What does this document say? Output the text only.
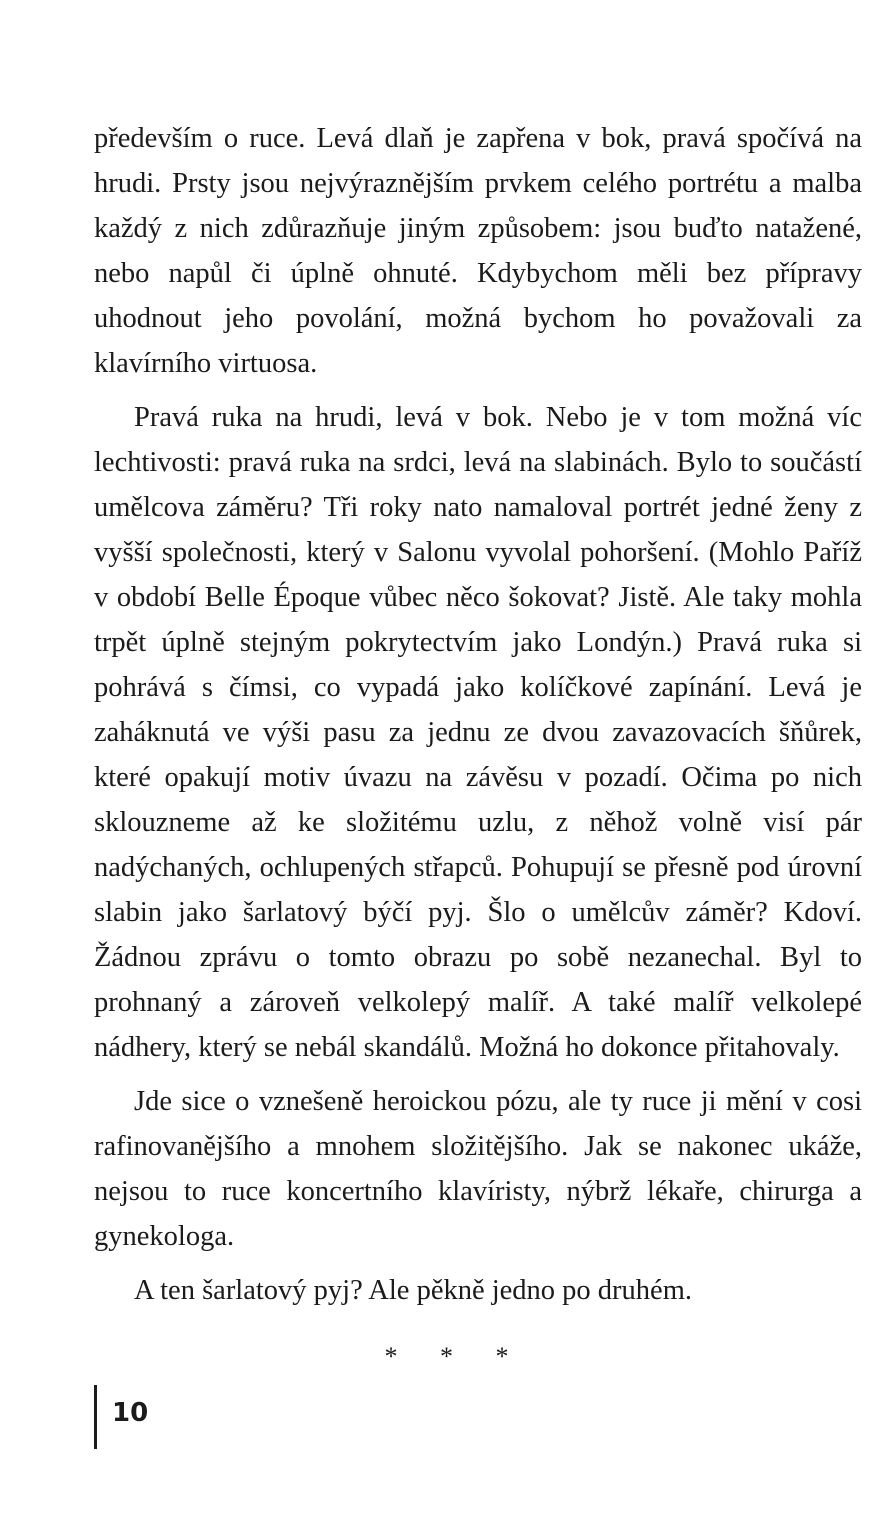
především o ruce. Levá dlaň je zapřena v bok, pravá spočívá na hrudi. Prsty jsou nejvýraznějším prvkem celého portrétu a malba každý z nich zdůrazňuje jiným způsobem: jsou buďto natažené, nebo napůl či úplně ohnuté. Kdybychom měli bez přípravy uhodnout jeho povolání, možná bychom ho považovali za klavírního virtuosa.

Pravá ruka na hrudi, levá v bok. Nebo je v tom možná víc lechtivosti: pravá ruka na srdci, levá na slabinách. Bylo to součástí umělcova záměru? Tři roky nato namaloval portrét jedné ženy z vyšší společnosti, který v Salonu vyvolal pohoršení. (Mohlo Paříž v období Belle Époque vůbec něco šokovat? Jistě. Ale taky mohla trpět úplně stejným pokrytectvím jako Londýn.) Pravá ruka si pohrává s čímsi, co vypadá jako kolíčkové zapínání. Levá je zaháknutá ve výši pasu za jednu ze dvou zavazovacích šňůrek, které opakují motiv úvazu na závěsu v pozadí. Očima po nich sklouzneme až ke složitému uzlu, z něhož volně visí pár nadýchaných, ochlupených střapců. Pohupují se přesně pod úrovní slabin jako šarlatový býčí pyj. Šlo o umělcův záměr? Kdoví. Žádnou zprávu o tomto obrazu po sobě nezanechal. Byl to prohnaný a zároveň velkolepý malíř. A také malíř velkolepé nádhery, který se nebál skandálů. Možná ho dokonce přitahovaly.

Jde sice o vznešeně heroickou pózu, ale ty ruce ji mění v cosi rafinovanějšího a mnohem složitějšího. Jak se nakonec ukáže, nejsou to ruce koncertního klavíristy, nýbrž lékaře, chirurga a gynekologa.

A ten šarlatový pyj? Ale pěkně jedno po druhém.

* * *
10
